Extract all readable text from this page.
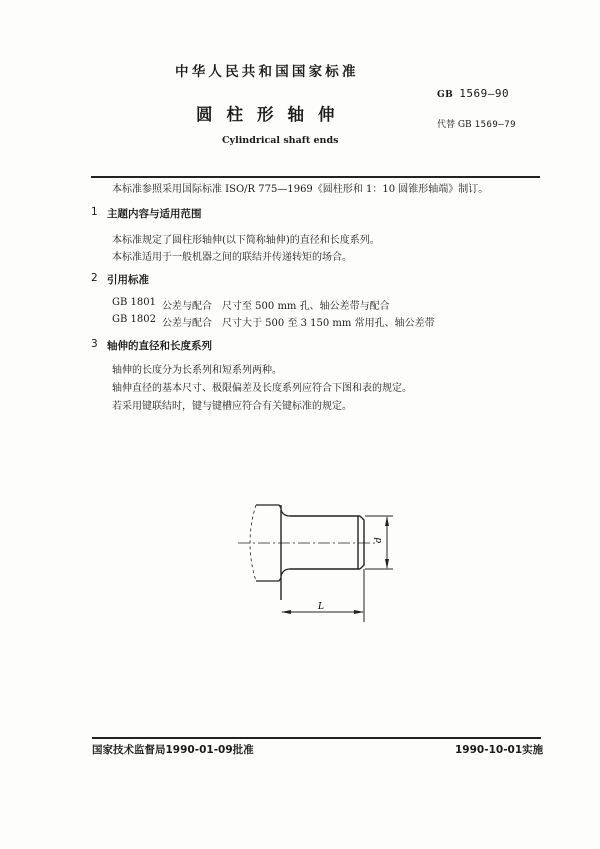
中华人民共和国国家标准
GB 1569—90
代替 GB 1569—79
圆柱形轴伸
Cylindrical shaft ends
本标准参照采用国际标准 ISO/R 775—1969《圆柱形和 1：10 圆锥形轴端》制订。
1 主题内容与适用范围
本标准规定了圆柱形轴伸(以下简称轴伸)的直径和长度系列。
本标准适用于一般机器之间的联结并传递转矩的场合。
2 引用标准
GB 1801 公差与配合 尺寸至 500 mm 孔、轴公差带与配合
GB 1802 公差与配合 尺寸大于 500 至 3 150 mm 常用孔、轴公差带
3 轴伸的直径和长度系列
轴伸的长度分为长系列和短系列两种。
轴伸直径的基本尺寸、极限偏差及长度系列应符合下图和表的规定。
若采用键联结时，键与键槽应符合有关键标准的规定。
d
L
国家技术监督局1990-01-09批准	1990-10-01实施
